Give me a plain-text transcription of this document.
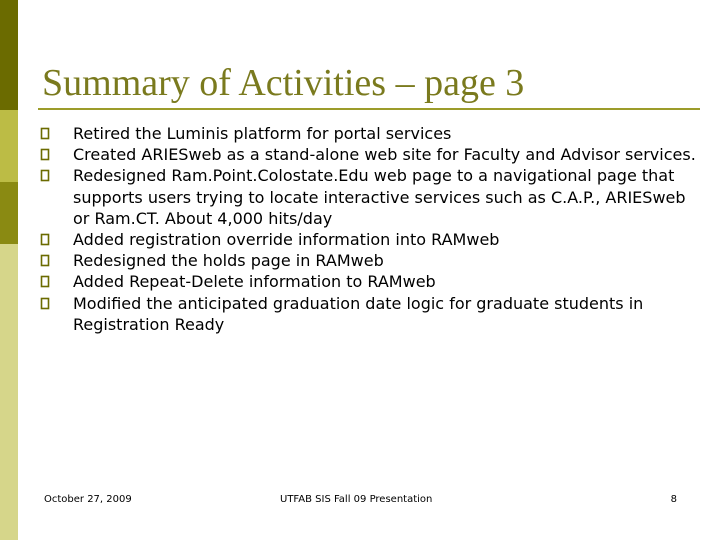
Summary of Activities – page 3
Retired the Luminis platform for portal services
Created ARIESweb as a stand-alone web site for Faculty and Advisor services.
Redesigned Ram.Point.Colostate.Edu web page to a navigational page that supports users trying to locate interactive services such as C.A.P., ARIESweb or Ram.CT. About 4,000 hits/day
Added registration override information into RAMweb
Redesigned the holds page in RAMweb
Added Repeat-Delete information to RAMweb
Modified the anticipated graduation date logic for graduate students in Registration Ready
October 27, 2009	UTFAB SIS Fall 09 Presentation	8
